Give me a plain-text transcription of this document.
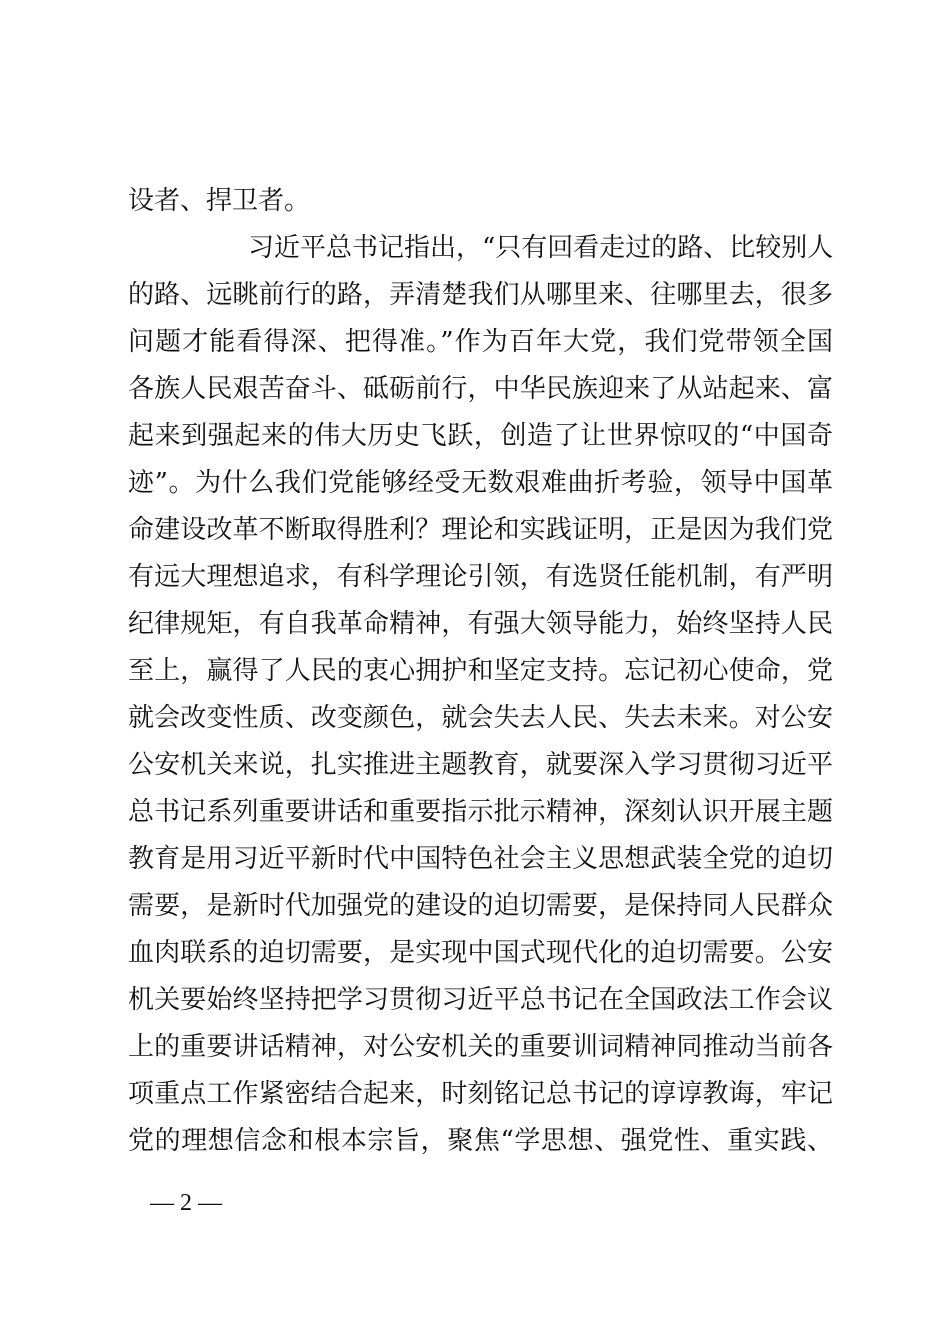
设者、捍卫者。
习近平总书记指出，“只有回看走过的路、比较别人
的路、远眺前行的路，弄清楚我们从哪里来、往哪里去，很多
问题才能看得深、把得准。”作为百年大党，我们党带领全国
各族人民艰苦奋斗、砥砺前行，中华民族迎来了从站起来、富
起来到强起来的伟大历史飞跃，创造了让世界惊叹的“中国奇
迹”。为什么我们党能够经受无数艰难曲折考验，领导中国革
命建设改革不断取得胜利？理论和实践证明，正是因为我们党
有远大理想追求，有科学理论引领，有选贤任能机制，有严明
纪律规矩，有自我革命精神，有强大领导能力，始终坚持人民
至上，赢得了人民的衷心拥护和坚定支持。忘记初心使命，党
就会改变性质、改变颜色，就会失去人民、失去未来。对公安
公安机关来说，扎实推进主题教育，就要深入学习贯彻习近平
总书记系列重要讲话和重要指示批示精神，深刻认识开展主题
教育是用习近平新时代中国特色社会主义思想武装全党的迫切
需要，是新时代加强党的建设的迫切需要，是保持同人民群众
血肉联系的迫切需要，是实现中国式现代化的迫切需要。公安
机关要始终坚持把学习贯彻习近平总书记在全国政法工作会议
上的重要讲话精神，对公安机关的重要训词精神同推动当前各
项重点工作紧密结合起来，时刻铭记总书记的谆谆教诲，牢记
党的理想信念和根本宗旨，聚焦“学思想、强党性、重实践、
— 2 —
